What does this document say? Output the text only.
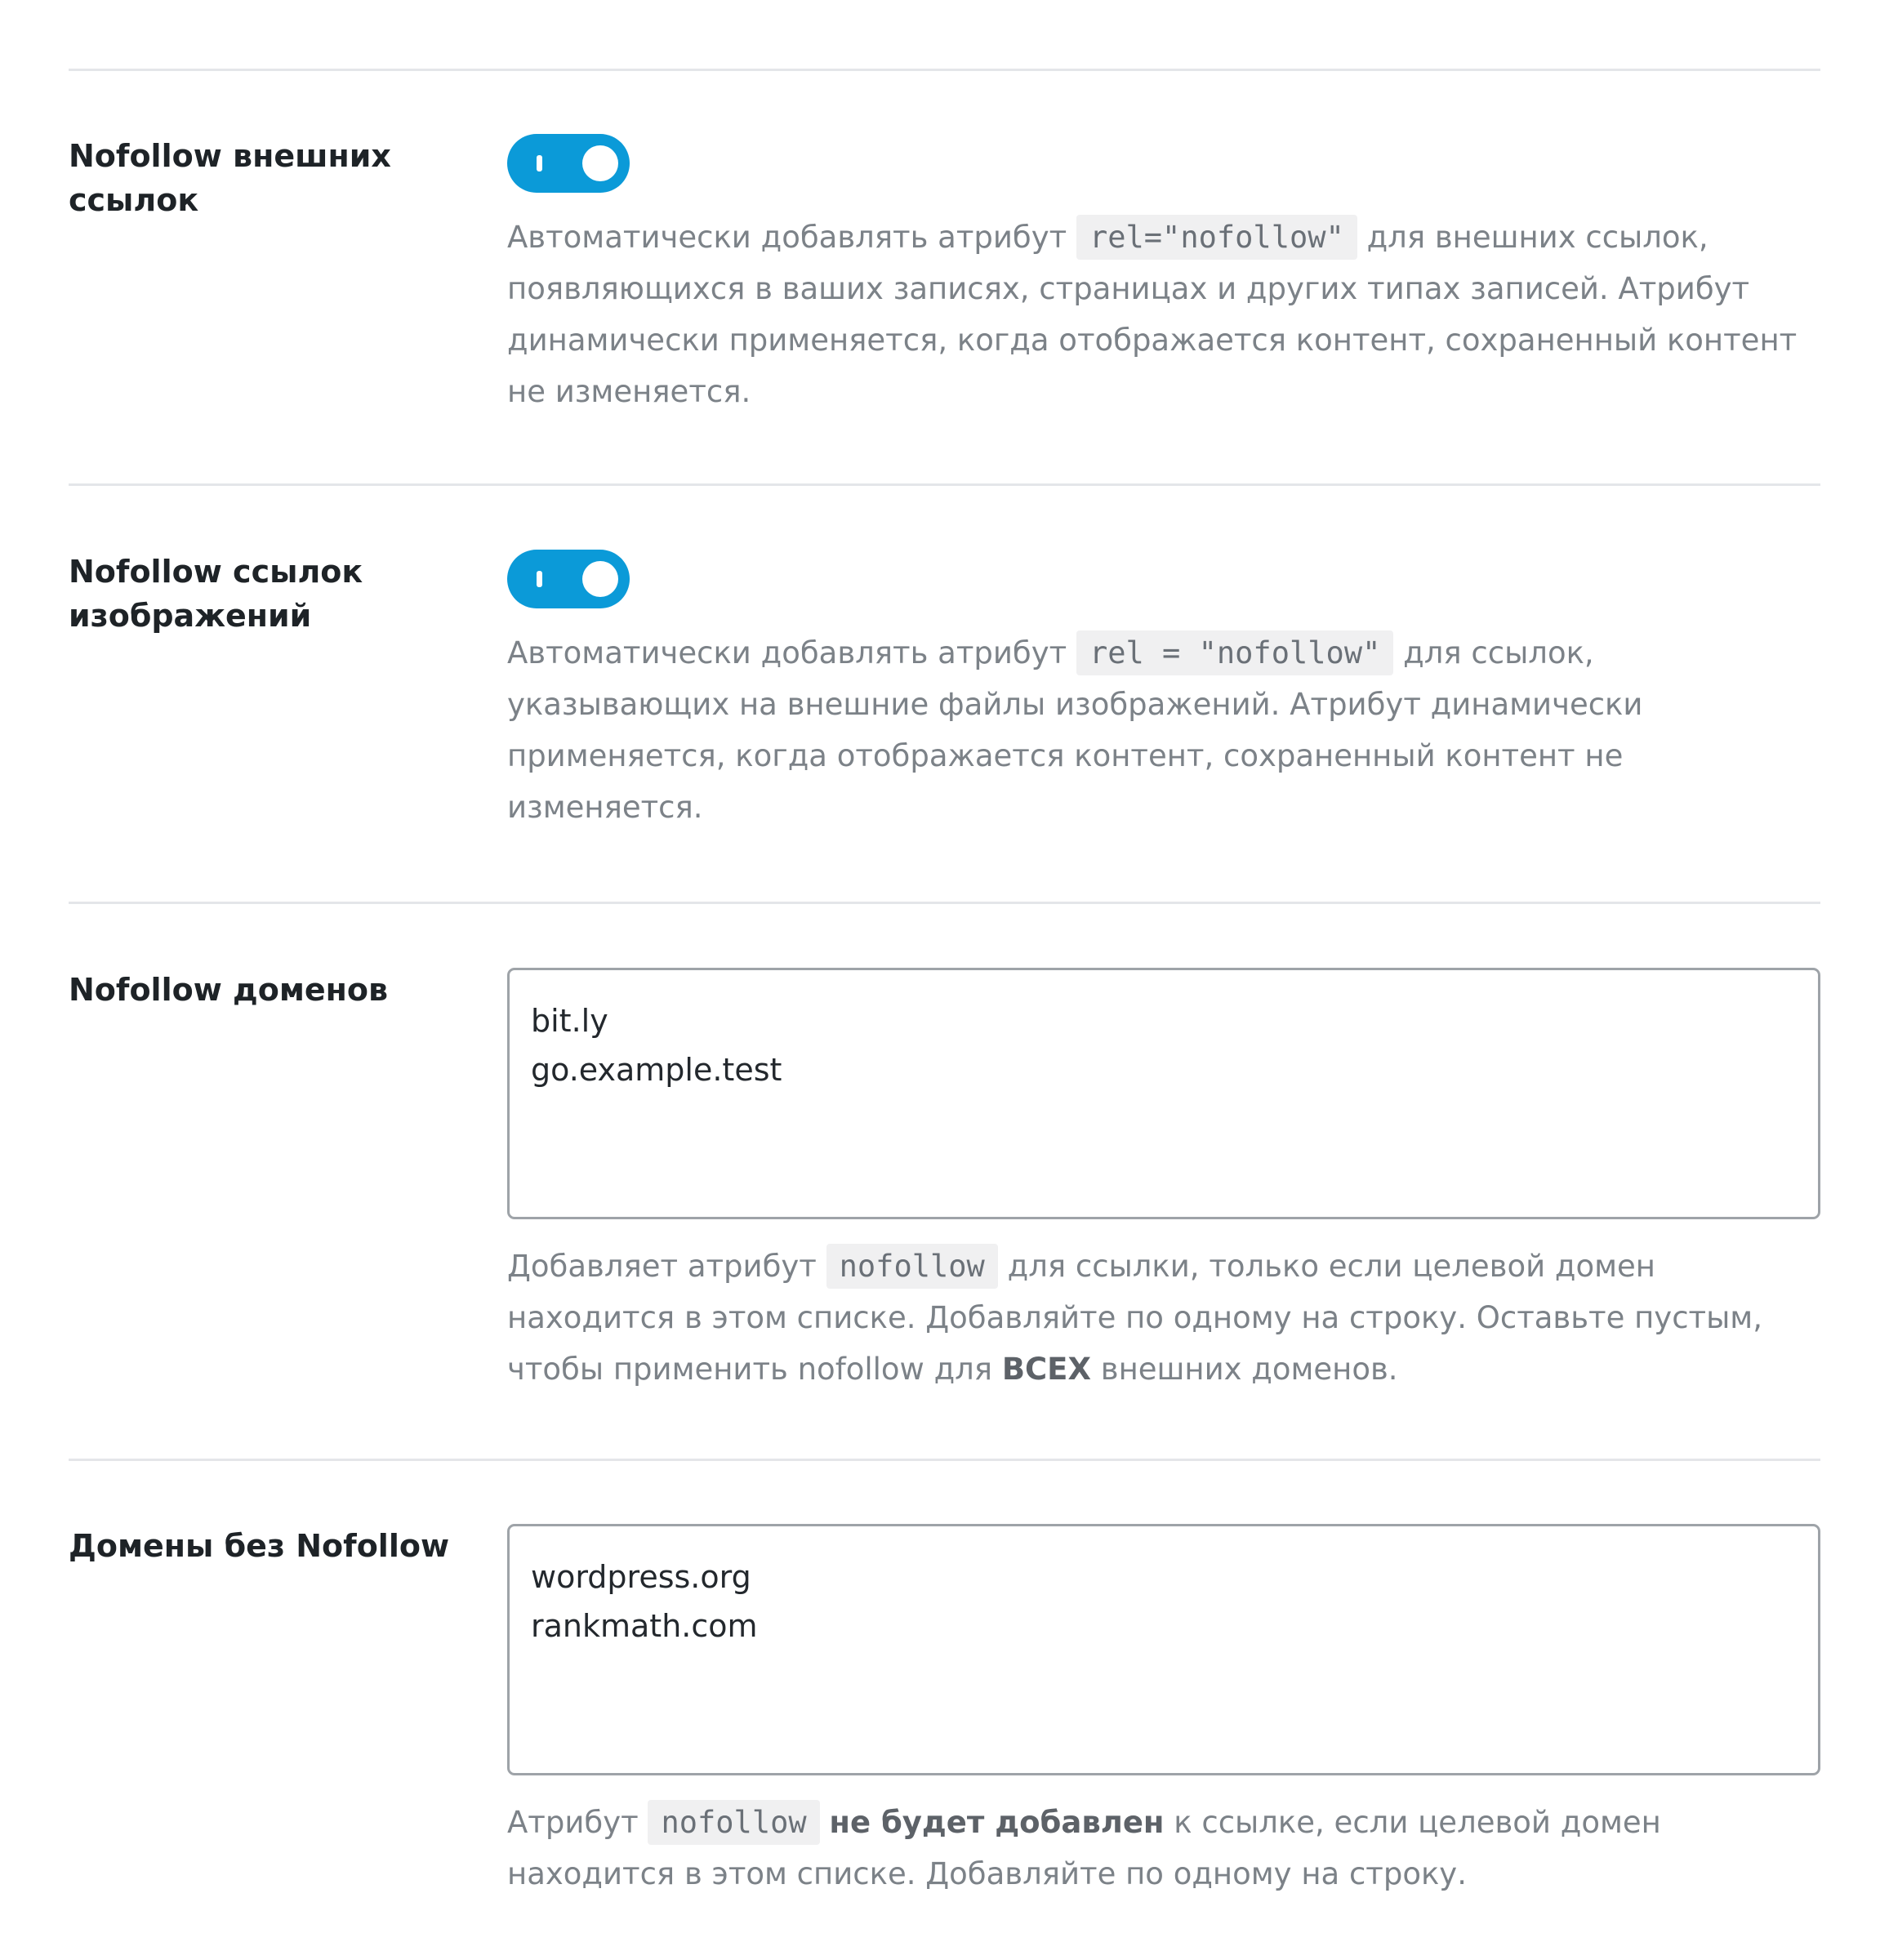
Nofollow внешних ссылок

Автоматически добавлять атрибут rel="nofollow" для внешних ссылок, появляющихся в ваших записях, страницах и других типах записей. Атрибут динамически применяется, когда отображается контент, сохраненный контент не изменяется.

Nofollow ссылок изображений

Автоматически добавлять атрибут rel = "nofollow" для ссылок, указывающих на внешние файлы изображений. Атрибут динамически применяется, когда отображается контент, сохраненный контент не изменяется.

Nofollow доменов
bit.ly
go.example.test

Добавляет атрибут nofollow для ссылки, только если целевой домен находится в этом списке. Добавляйте по одному на строку. Оставьте пустым, чтобы применить nofollow для ВСЕХ внешних доменов.

Домены без Nofollow
wordpress.org
rankmath.com

Атрибут nofollow не будет добавлен к ссылке, если целевой домен находится в этом списке. Добавляйте по одному на строку.
